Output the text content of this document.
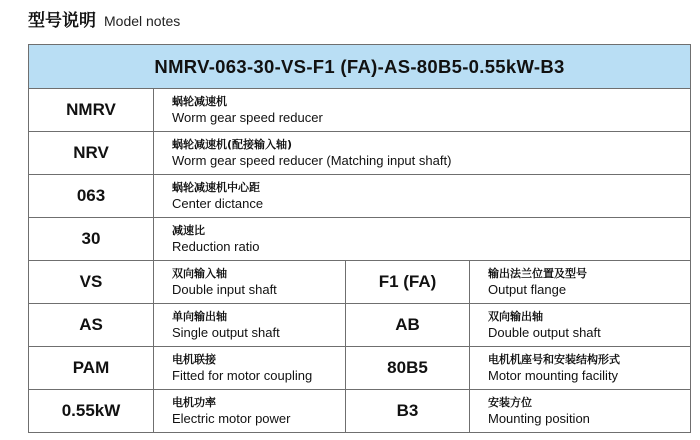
型号说明 Model notes
NMRV-063-30-VS-F1 (FA)-AS-80B5-0.55kW-B3			
NMRV	蜗轮减速机
Worm gear speed reducer		

NRV	蜗轮减速机(配接输入轴)
Worm gear speed reducer (Matching input shaft)		

063	蜗轮减速机中心距
Center dictance		

30	减速比
Reduction ratio		

VS	双向输入轴
Double input shaft	F1 (FA)	输出法兰位置及型号
Output flange

AS	单向输出轴
Single output shaft	AB	双向输出轴
Double output shaft

PAM	电机联接
Fitted for motor coupling	80B5	电机机座号和安装结构形式
Motor mounting facility

0.55kW	电机功率
Electric motor power	B3	安装方位
Mounting position
